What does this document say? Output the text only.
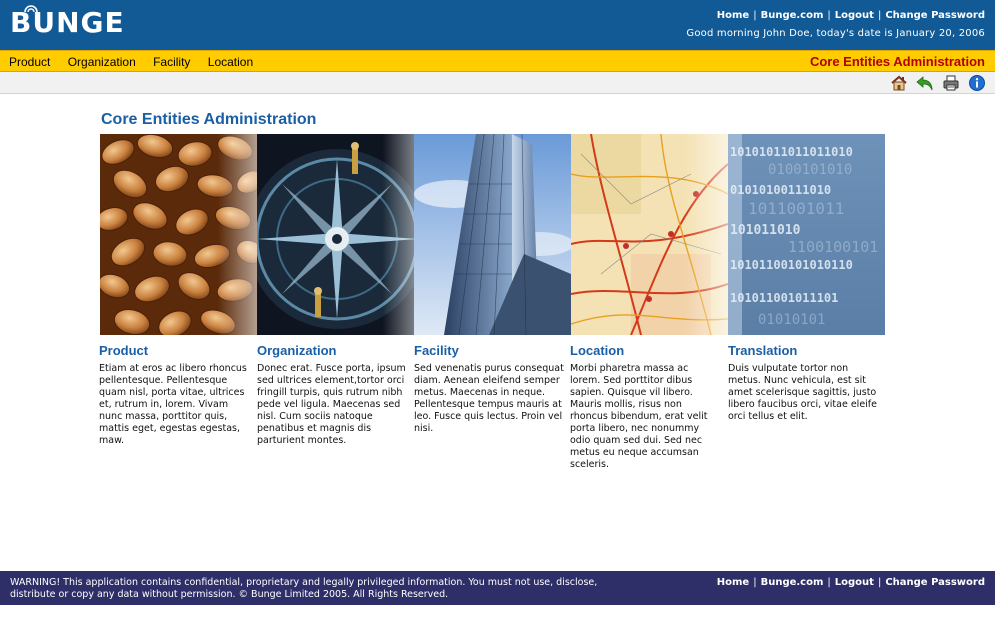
BUNGE	Home | Bunge.com | Logout | Change Password
Good morning John Doe, today's date is January 20, 2006
Product Organization Facility Location	Core Entities Administration
Core Entities Administration
10101011011011010
01010100111010
101011010
10101100101010110
101011001011101
0100101010
1011001011
1100100101
01010101
Product

Etiam at eros ac libero rhoncus pellentesque. Pellentesque quam nisl, porta vitae, ultrices et, rutrum in, lorem. Vivam nunc massa, porttitor quis, mattis eget, egestas egestas, maw.

Organization

Donec erat. Fusce porta, ipsum sed ultrices element,tortor orci fringill turpis, quis rutrum nibh pede vel ligula. Maecenas sed nisl. Cum sociis natoque penatibus et magnis dis parturient montes.

Facility

Sed venenatis purus consequat diam. Aenean eleifend semper metus. Maecenas in neque. Pellentesque tempus mauris at leo. Fusce quis lectus. Proin vel nisi.

Location

Morbi pharetra massa ac lorem. Sed porttitor dibus sapien. Quisque vil libero. Mauris mollis, risus non rhoncus bibendum, erat velit porta libero, nec nonummy odio quam sed dui. Sed nec metus eu neque accumsan sceleris.

Translation

Duis vulputate tortor non metus. Nunc vehicula, est sit amet scelerisque sagittis, justo libero faucibus orci, vitae eleife orci tellus et elit.

WARNING! This application contains confidential, proprietary and legally privileged information. You must not use, disclose, distribute or copy any data without permission. © Bunge Limited 2005. All Rights Reserved.
Home | Bunge.com | Logout | Change Password
